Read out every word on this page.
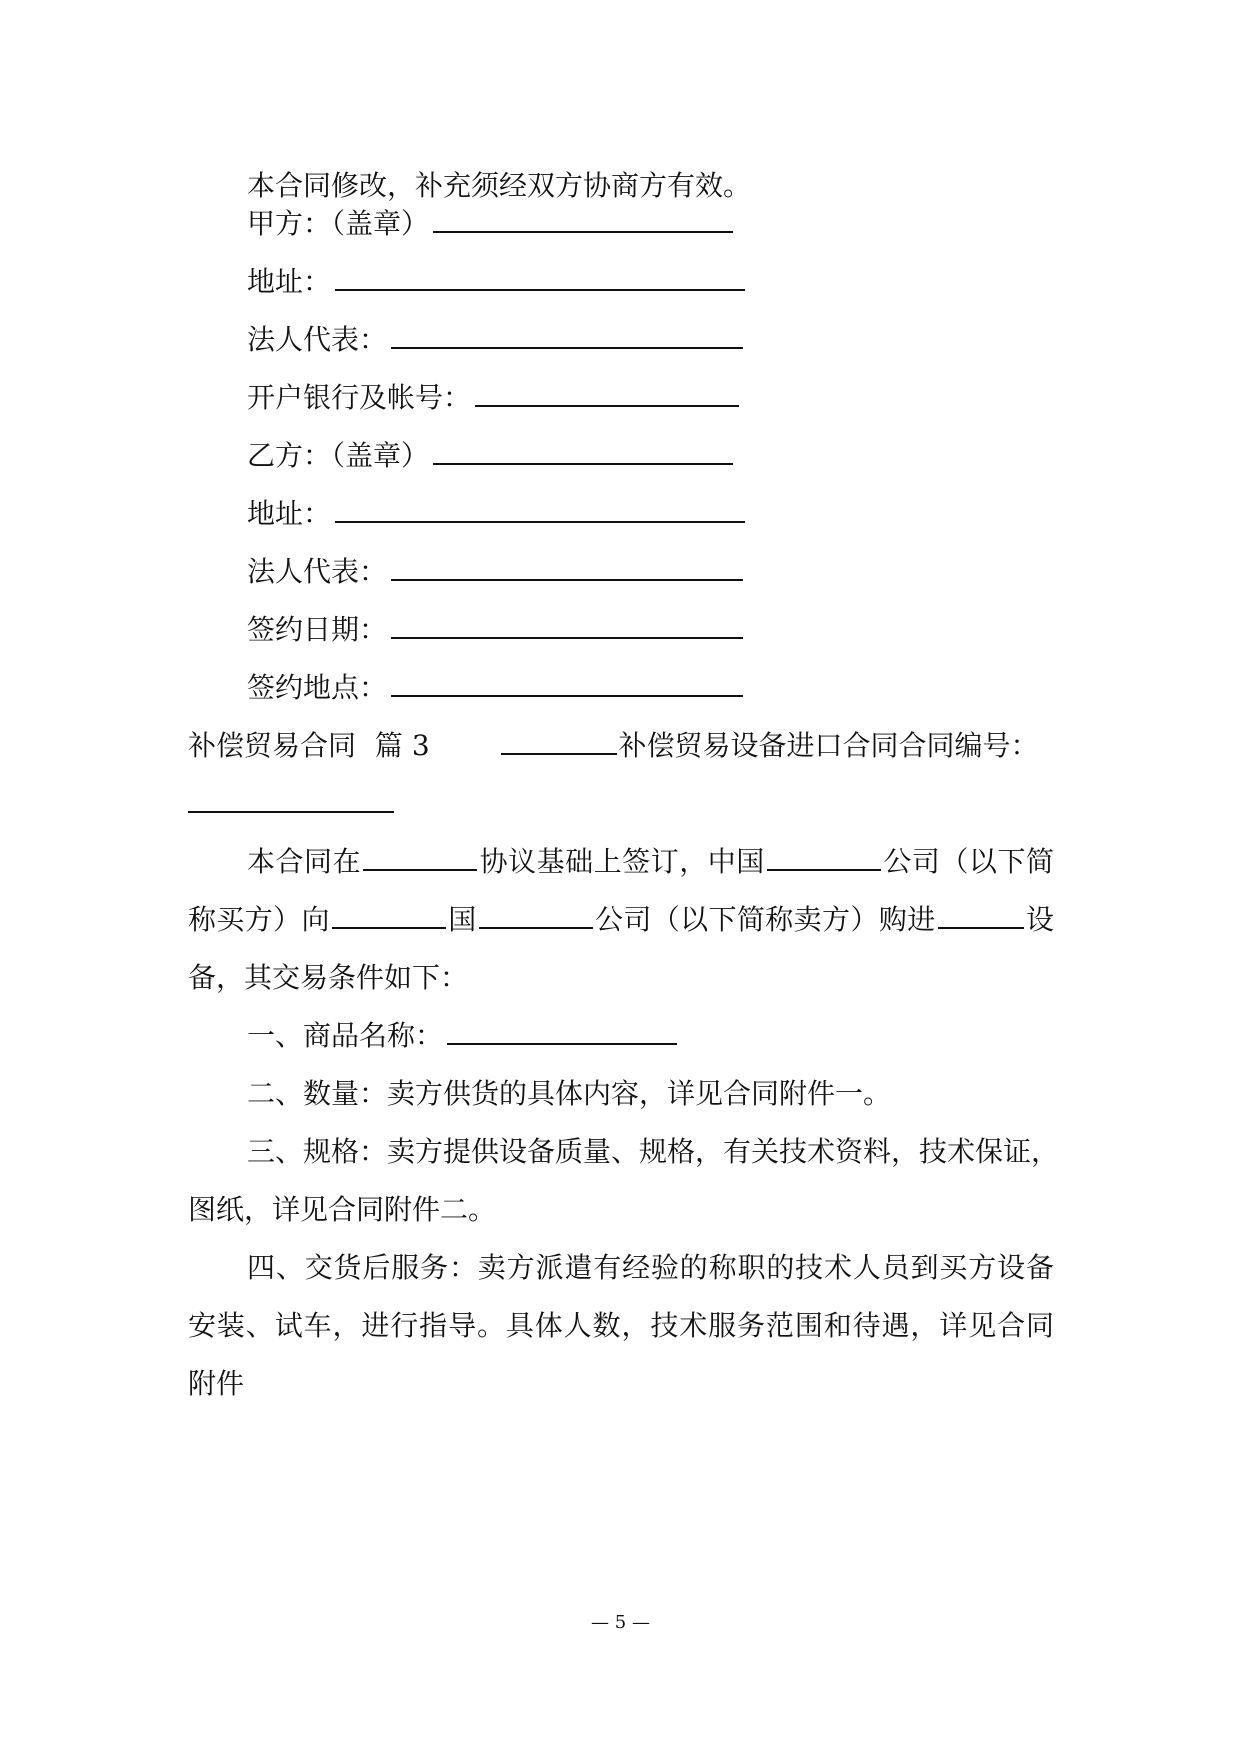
本合同修改，补充须经双方协商方有效。
甲方：（盖章）
地址：
法人代表：
开户银行及帐号：
乙方：（盖章）
地址：
法人代表：
签约日期：
签约地点：
补偿贸易合同 篇 3	补偿贸易设备进口合同合同编号：
本合同在	协议基础上签订，中国	公司（以下简
称买方）向	国	公司（以下简称卖方）购进	设
备，其交易条件如下：
一、商品名称：
二、数量：卖方供货的具体内容，详见合同附件一。
三、规格：卖方提供设备质量、规格，有关技术资料，技术保证，
图纸，详见合同附件二。
四、交货后服务：卖方派遣有经验的称职的技术人员到买方设备
安装、试车，进行指导。具体人数，技术服务范围和待遇，详见合同
附件
— 5 —
